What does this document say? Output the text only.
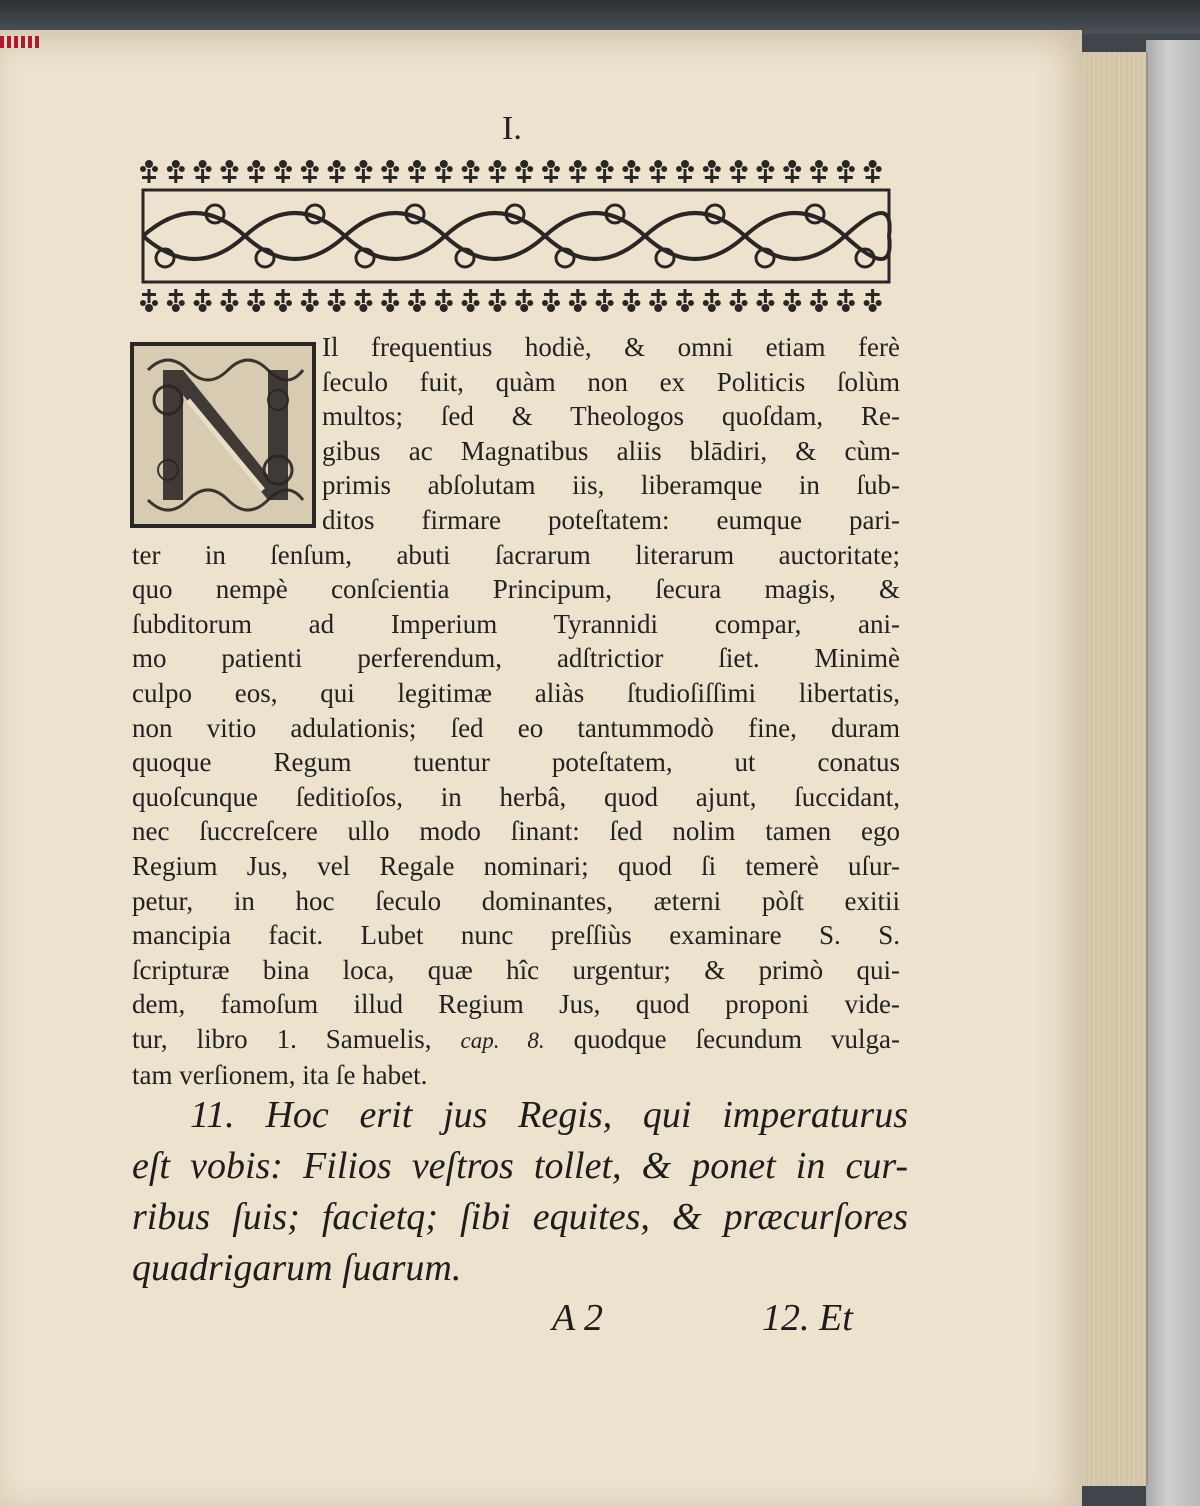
I.
Il frequentius hodiè, & omni etiam ferè
ſeculo fuit, quàm non ex Politicis ſolùm
multos; ſed & Theologos quoſdam, Re-
gibus ac Magnatibus aliis blādiri, & cùm-
primis abſolutam iis, liberamque in ſub-
ditos firmare poteſtatem: eumque pari-
ter in ſenſum, abuti ſacrarum literarum auctoritate;
quo nempè conſcientia Principum, ſecura magis, &
ſubditorum ad Imperium Tyrannidi compar, ani-
mo patienti perferendum, adſtrictior ſiet. Minimè
culpo eos, qui legitimæ aliàs ſtudioſiſſimi libertatis,
non vitio adulationis; ſed eo tantummodò fine, duram
quoque Regum tuentur poteſtatem, ut conatus
quoſcunque ſeditioſos, in herbâ, quod ajunt, ſuccidant,
nec ſuccreſcere ullo modo ſinant: ſed nolim tamen ego
Regium Jus, vel Regale nominari; quod ſi temerè uſur-
petur, in hoc ſeculo dominantes, æterni pòſt exitii
mancipia facit. Lubet nunc preſſiùs examinare S. S.
ſcripturæ bina loca, quæ hîc urgentur; & primò qui-
dem, famoſum illud Regium Jus, quod proponi vide-
tur, libro 1. Samuelis, cap. 8. quodque ſecundum vulga-
tam verſionem, ita ſe habet.
11. Hoc erit jus Regis, qui imperaturus
eſt vobis: Filios veſtros tollet, & ponet in cur-
ribus ſuis; facietq; ſibi equites, & præcurſores
quadrigarum ſuarum.
A 2	12. Et
